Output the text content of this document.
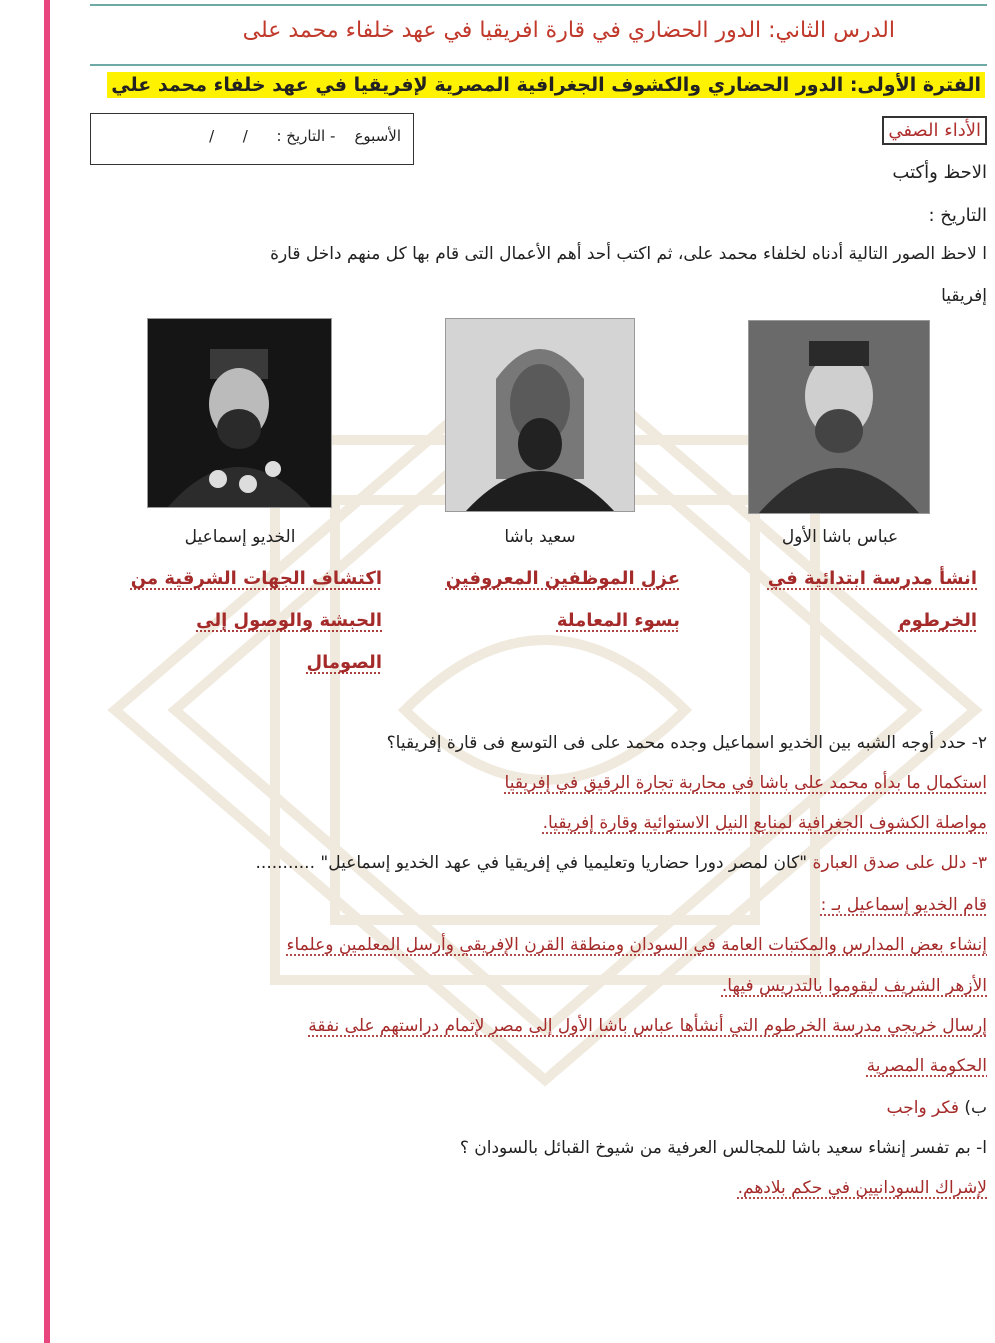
الدرس الثاني: الدور الحضاري في قارة افريقيا في عهد خلفاء محمد على
الفترة الأولى: الدور الحضاري والكشوف الجغرافية المصرية لإفريقيا في عهد خلفاء محمد علي
الأداء الصفي
الأسبوع    - التاريخ :      /      /
الاحظ وأكتب
التاريخ :
ا لاحظ الصور التالية أدناه لخلفاء محمد على، ثم اكتب أحد أهم الأعمال التى قام بها كل منهم داخل قارة
إفريقيا
عباس باشا الأول
سعيد باشا
الخديو إسماعيل
انشأ مدرسة ابتدائية في
الخرطوم
عزل الموظفين المعروفين
بسوء المعاملة
اكتشاف الجهات الشرقية من
الحبشة والوصول إلى
الصومال
٢- حدد أوجه الشبه بين الخديو اسماعيل وجده محمد على فى التوسع فى قارة إفريقيا؟
استكمال ما بدأه محمد على باشا في محاربة تجارة الرقيق في إفريقيا
مواصلة الكشوف الجغرافية لمنابع النيل الاستوائية وقارة إفريقيا.
٣- دلل على صدق العبارة "كان لمصر دورا حضاريا وتعليميا في إفريقيا في عهد الخديو إسماعيل" ...........
قام الخديو إسماعيل بـ :
إنشاء بعض المدارس والمكتبات العامة في السودان ومنطقة القرن الإفريقي وأرسل المعلمين وعلماء
الأزهر الشريف ليقوموا بالتدريس فيها.
إرسال خريجي مدرسة الخرطوم التي أنشأها عباس باشا الأول إلى مصر لإتمام دراستهم على نفقة
الحكومة المصرية
ب) فكر واجب
ا- بم تفسر إنشاء سعيد باشا للمجالس العرفية من شيوخ القبائل بالسودان ؟
لإشراك السودانيين في حكم بلادهم.
